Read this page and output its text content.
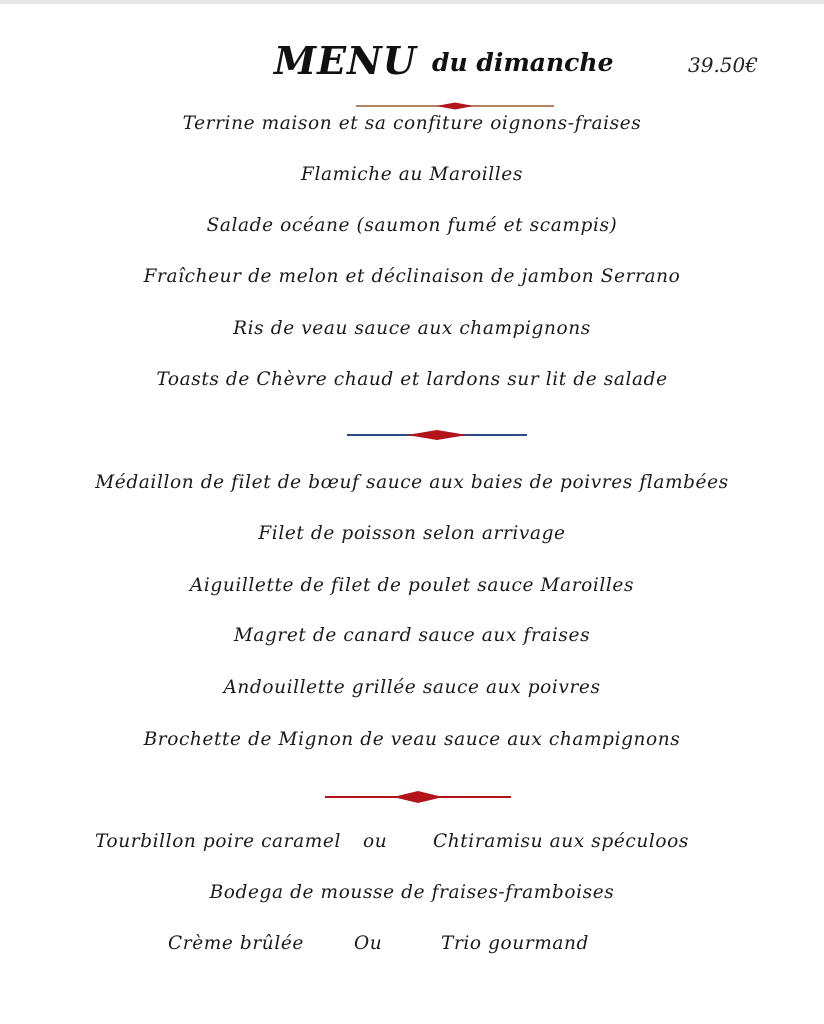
MENU du dimanche	39.50€
Terrine maison et sa confiture oignons-fraises
Flamiche au Maroilles
Salade océane (saumon fumé et scampis)
Fraîcheur de melon et déclinaison de jambon Serrano
Ris de veau sauce aux champignons
Toasts de Chèvre chaud et lardons sur lit de salade
Médaillon de filet de bœuf sauce aux baies de poivres flambées
Filet de poisson selon arrivage
Aiguillette de filet de poulet sauce Maroilles
Magret de canard sauce aux fraises
Andouillette grillée sauce aux poivres
Brochette de Mignon de veau sauce aux champignons
Tourbillon poire caramel ou Chtiramisu aux spéculoos
Bodega de mousse de fraises-framboises
Crème brûlée	Ou	Trio gourmand
